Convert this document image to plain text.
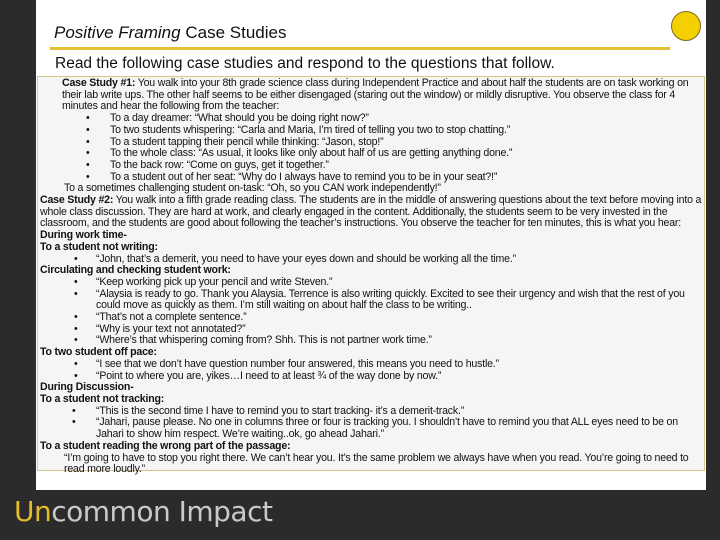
Positive Framing Case Studies
Read the following case studies and respond to the questions that follow.

Case Study #1: You walk into your 8th grade science class during Independent Practice and about half the students are on task working on their lab write ups. The other half seems to be either disengaged (staring out the window) or mildly disruptive. You observe the class for 4 minutes and hear the following from the teacher:

• To a day dreamer: “What should you be doing right now?”

• To two students whispering: “Carla and Maria, I’m tired of telling you two to stop chatting.”

• To a student tapping their pencil while thinking: “Jason, stop!”

• To the whole class: “As usual, it looks like only about half of us are getting anything done.”

• To the back row: “Come on guys, get it together.”

• To a student out of her seat: “Why do I always have to remind you to be in your seat?!”

To a sometimes challenging student on-task: “Oh, so you CAN work independently!”

Case Study #2: You walk into a fifth grade reading class. The students are in the middle of answering questions about the text before moving into a whole class discussion. They are hard at work, and clearly engaged in the content. Additionally, the students seem to be very invested in the classroom, and the students are good about following the teacher’s instructions. You observe the teacher for ten minutes, this is what you hear:

During work time-

To a student not writing:

• “John, that’s a demerit, you need to have your eyes down and should be working all the time.”

Circulating and checking student work:

• “Keep working pick up your pencil and write Steven.”

• “Alaysia is ready to go. Thank you Alaysia. Terrence is also writing quickly. Excited to see their urgency and wish that the rest of you could move as quickly as them. I’m still waiting on about half the class to be writing..

• “That’s not a complete sentence.”

• “Why is your text not annotated?”

• “Where’s that whispering coming from? Shh. This is not partner work time.”

To two student off pace:

• “I see that we don’t have question number four answered, this means you need to hustle.”

• “Point to where you are, yikes…I need to at least ¾ of the way done by now.”

During Discussion-

To a student not tracking:

• “This is the second time I have to remind you to start tracking- it’s a demerit-track.”

• “Jahari, pause please. No one in columns three or four is tracking you. I shouldn’t have to remind you that ALL eyes need to be on Jahari to show him respect. We’re waiting..ok, go ahead Jahari.”

To a student reading the wrong part of the passage:

“I’m going to have to stop you right there. We can’t hear you. It’s the same problem we always have when you read. You’re going to need to read more loudly.”

Uncommon Impact
